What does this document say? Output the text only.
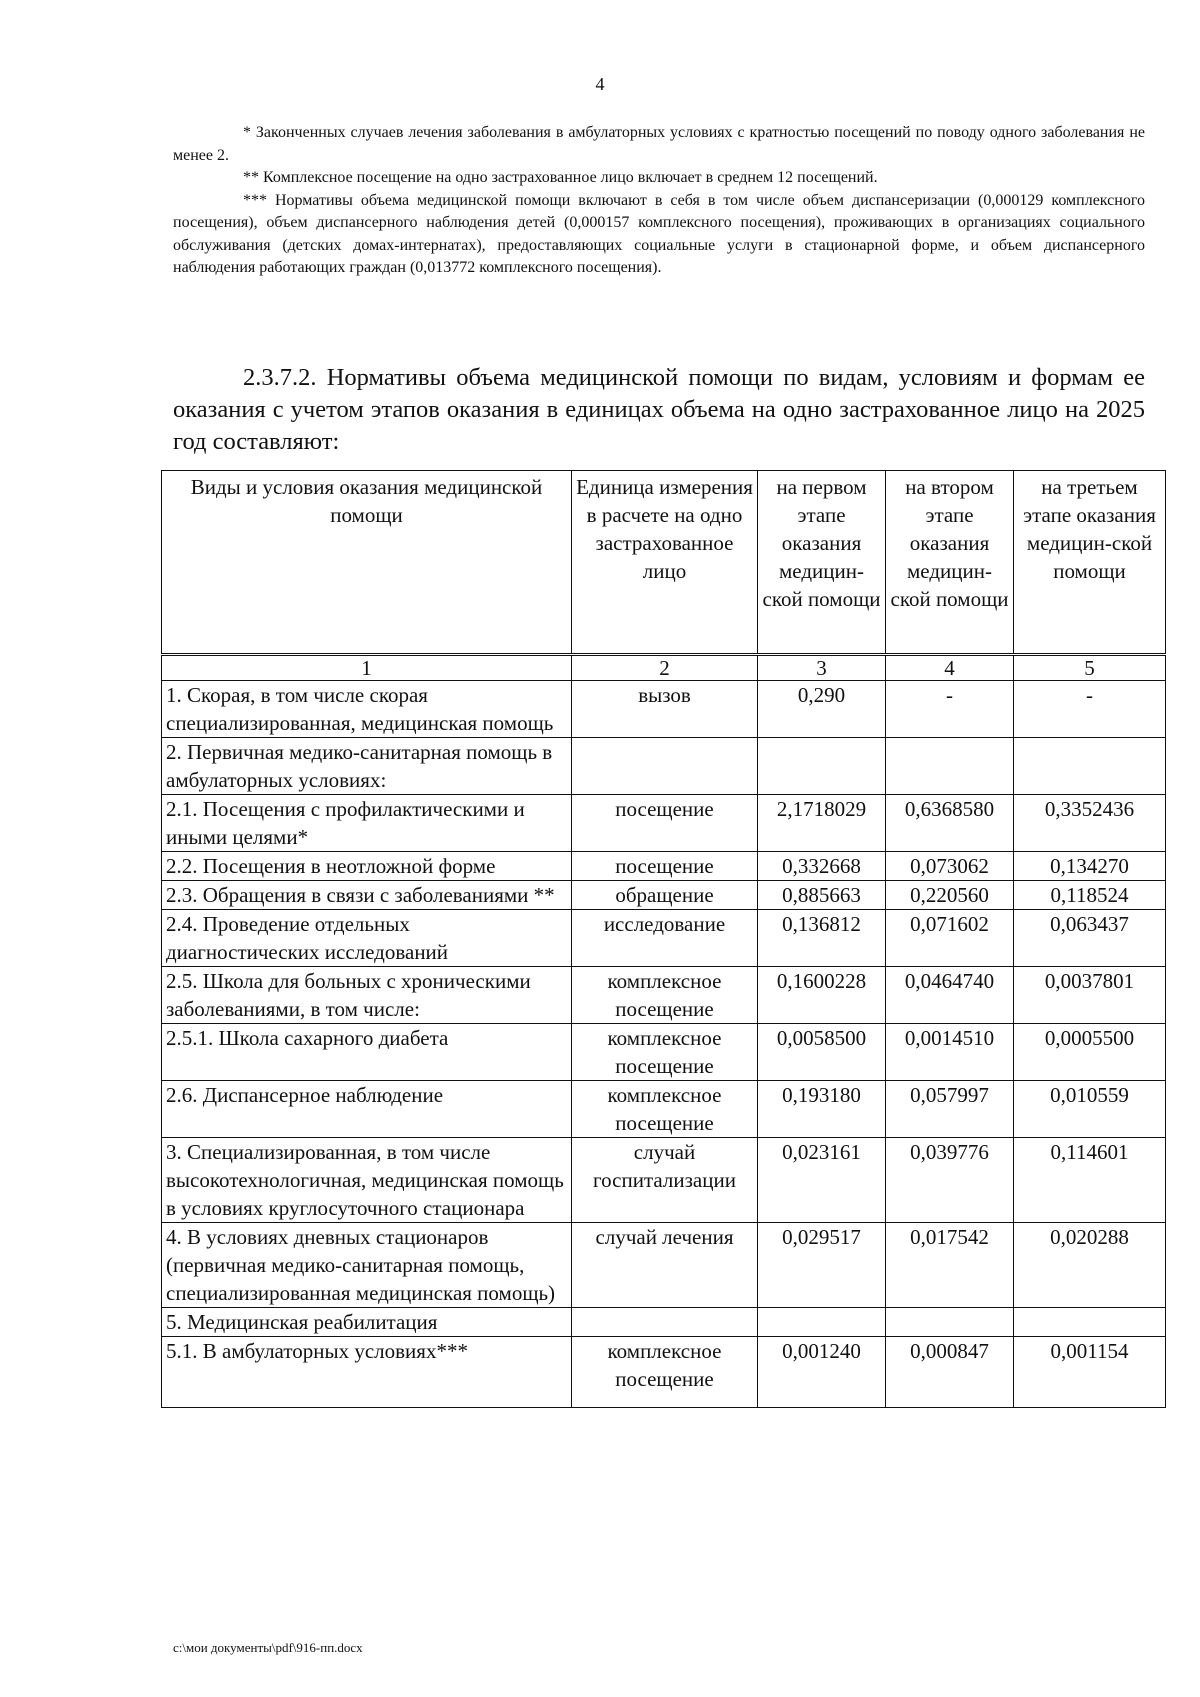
4

* Законченных случаев лечения заболевания в амбулаторных условиях с кратностью посещений по поводу одного заболевания не менее 2.

** Комплексное посещение на одно застрахованное лицо включает в среднем 12 посещений.

*** Нормативы объема медицинской помощи включают в себя в том числе объем диспансеризации (0,000129 комплексного посещения), объем диспансерного наблюдения детей (0,000157 комплексного посещения), проживающих в организациях социального обслуживания (детских домах-интернатах), предоставляющих социальные услуги в стационарной форме, и объем диспансерного наблюдения работающих граждан (0,013772 комплексного посещения).

2.3.7.2. Нормативы объема медицинской помощи по видам, условиям и формам ее оказания с учетом этапов оказания в единицах объема на одно застрахованное лицо на 2025 год составляют:

Виды и условия оказания медицинской помощи	Единица измерения в расчете на одно застрахованное лицо	на первом этапе оказания медицин-ской помощи	на втором этапе оказания медицин-ской помощи	на третьем этапе оказания медицин-ской помощи
1	2	3	4	5
1. Скорая, в том числе скорая специализированная, медицинская помощь	вызов	0,290	-	-
2. Первичная медико-санитарная помощь в амбулаторных условиях:				
2.1. Посещения с профилактическими и иными целями*	посещение	2,1718029	0,6368580	0,3352436
2.2. Посещения в неотложной форме	посещение	0,332668	0,073062	0,134270
2.3. Обращения в связи с заболеваниями **	обращение	0,885663	0,220560	0,118524
2.4. Проведение отдельных диагностических исследований	исследование	0,136812	0,071602	0,063437
2.5. Школа для больных с хроническими заболеваниями, в том числе:	комплексное посещение	0,1600228	0,0464740	0,0037801
2.5.1. Школа сахарного диабета	комплексное посещение	0,0058500	0,0014510	0,0005500
2.6. Диспансерное наблюдение	комплексное посещение	0,193180	0,057997	0,010559
3. Специализированная, в том числе высокотехнологичная, медицинская помощь в условиях круглосуточного стационара	случай госпитализации	0,023161	0,039776	0,114601
4. В условиях дневных стационаров (первичная медико-санитарная помощь, специализированная медицинская помощь)	случай лечения	0,029517	0,017542	0,020288
5. Медицинская реабилитация				
5.1. В амбулаторных условиях***	комплексное посещение	0,001240	0,000847	0,001154
c:\мои документы\pdf\916-пп.docx
